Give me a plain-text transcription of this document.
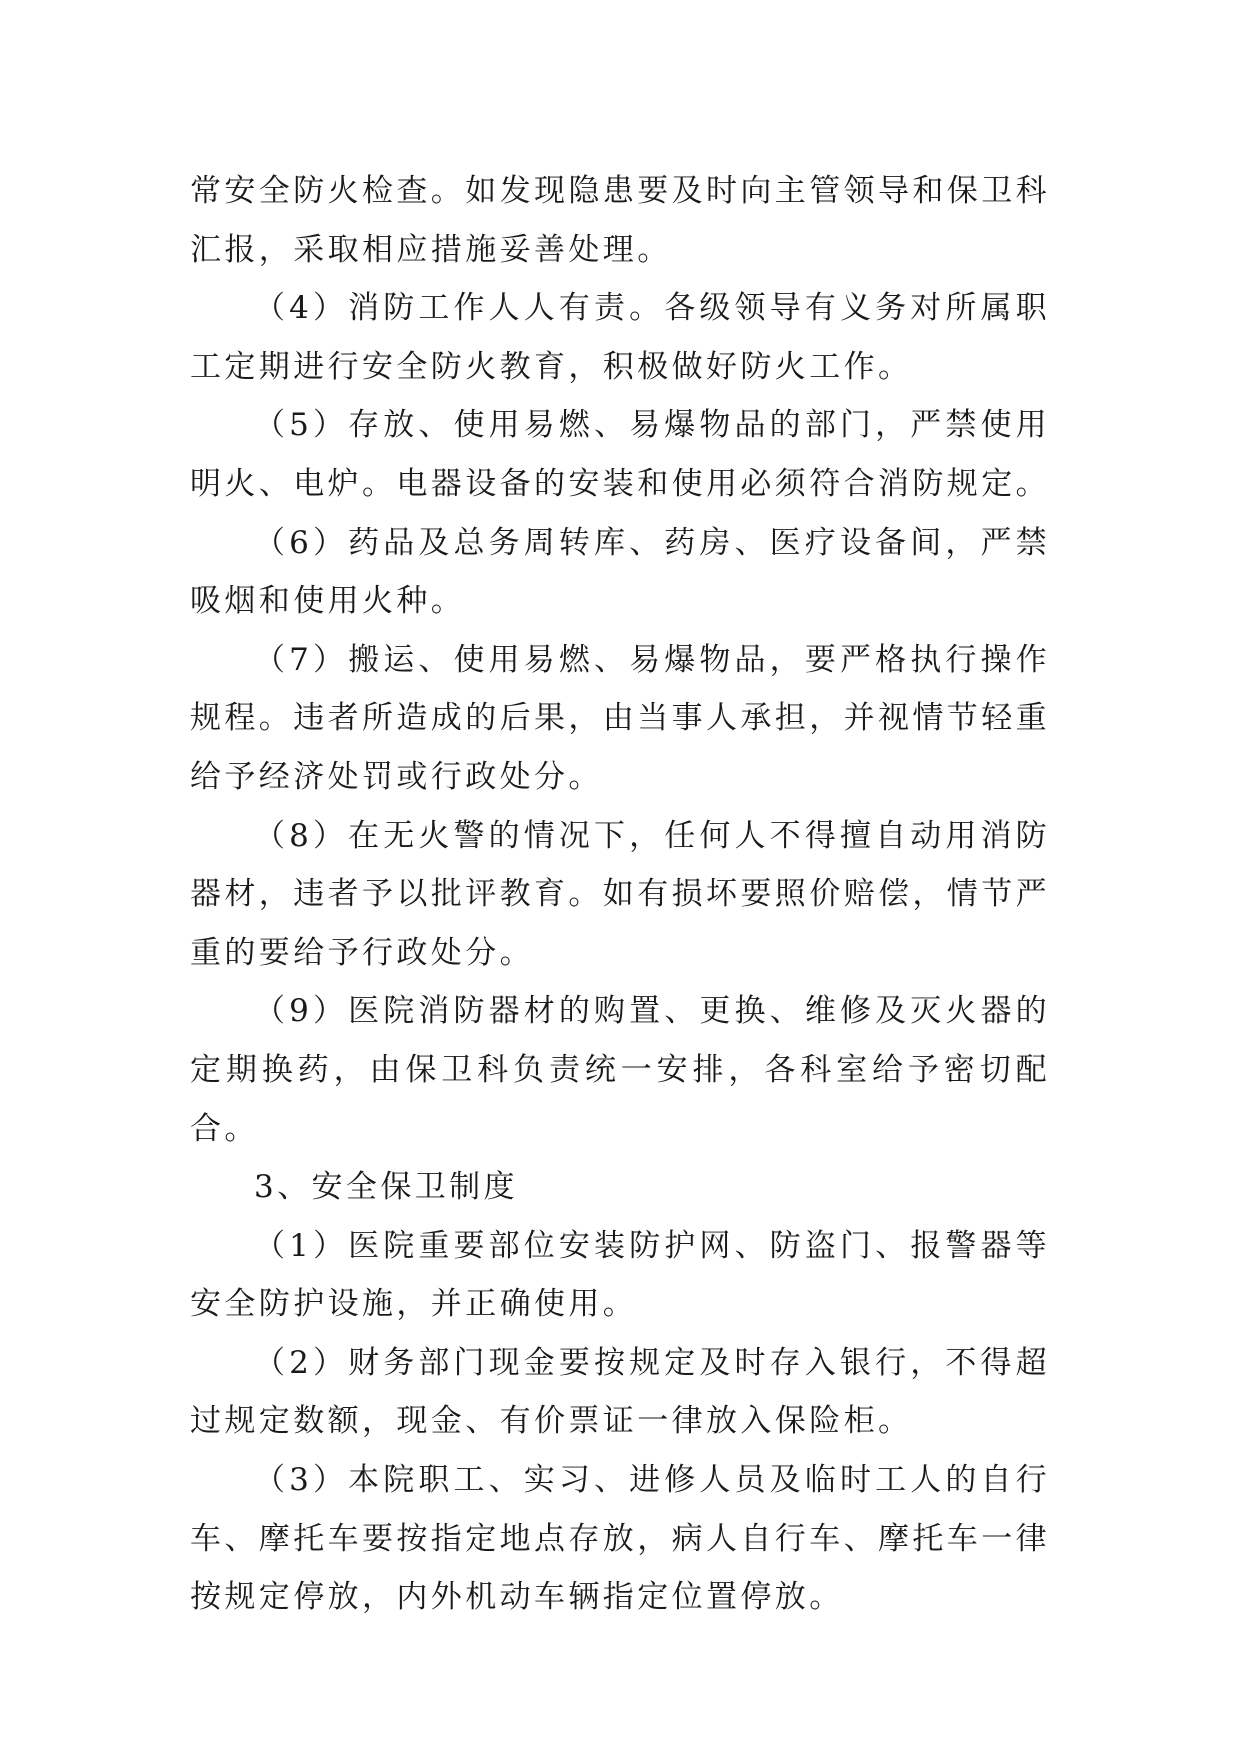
常安全防火检查。如发现隐患要及时向主管领导和保卫科汇报，采取相应措施妥善处理。

（4）消防工作人人有责。各级领导有义务对所属职工定期进行安全防火教育，积极做好防火工作。

（5）存放、使用易燃、易爆物品的部门，严禁使用明火、电炉。电器设备的安装和使用必须符合消防规定。

（6）药品及总务周转库、药房、医疗设备间，严禁吸烟和使用火种。

（7）搬运、使用易燃、易爆物品，要严格执行操作规程。违者所造成的后果，由当事人承担，并视情节轻重给予经济处罚或行政处分。

（8）在无火警的情况下，任何人不得擅自动用消防器材，违者予以批评教育。如有损坏要照价赔偿，情节严重的要给予行政处分。

（9）医院消防器材的购置、更换、维修及灭火器的定期换药，由保卫科负责统一安排，各科室给予密切配合。

3、安全保卫制度

（1）医院重要部位安装防护网、防盗门、报警器等安全防护设施，并正确使用。

（2）财务部门现金要按规定及时存入银行，不得超过规定数额，现金、有价票证一律放入保险柜。

（3）本院职工、实习、进修人员及临时工人的自行车、摩托车要按指定地点存放，病人自行车、摩托车一律按规定停放，内外机动车辆指定位置停放。
